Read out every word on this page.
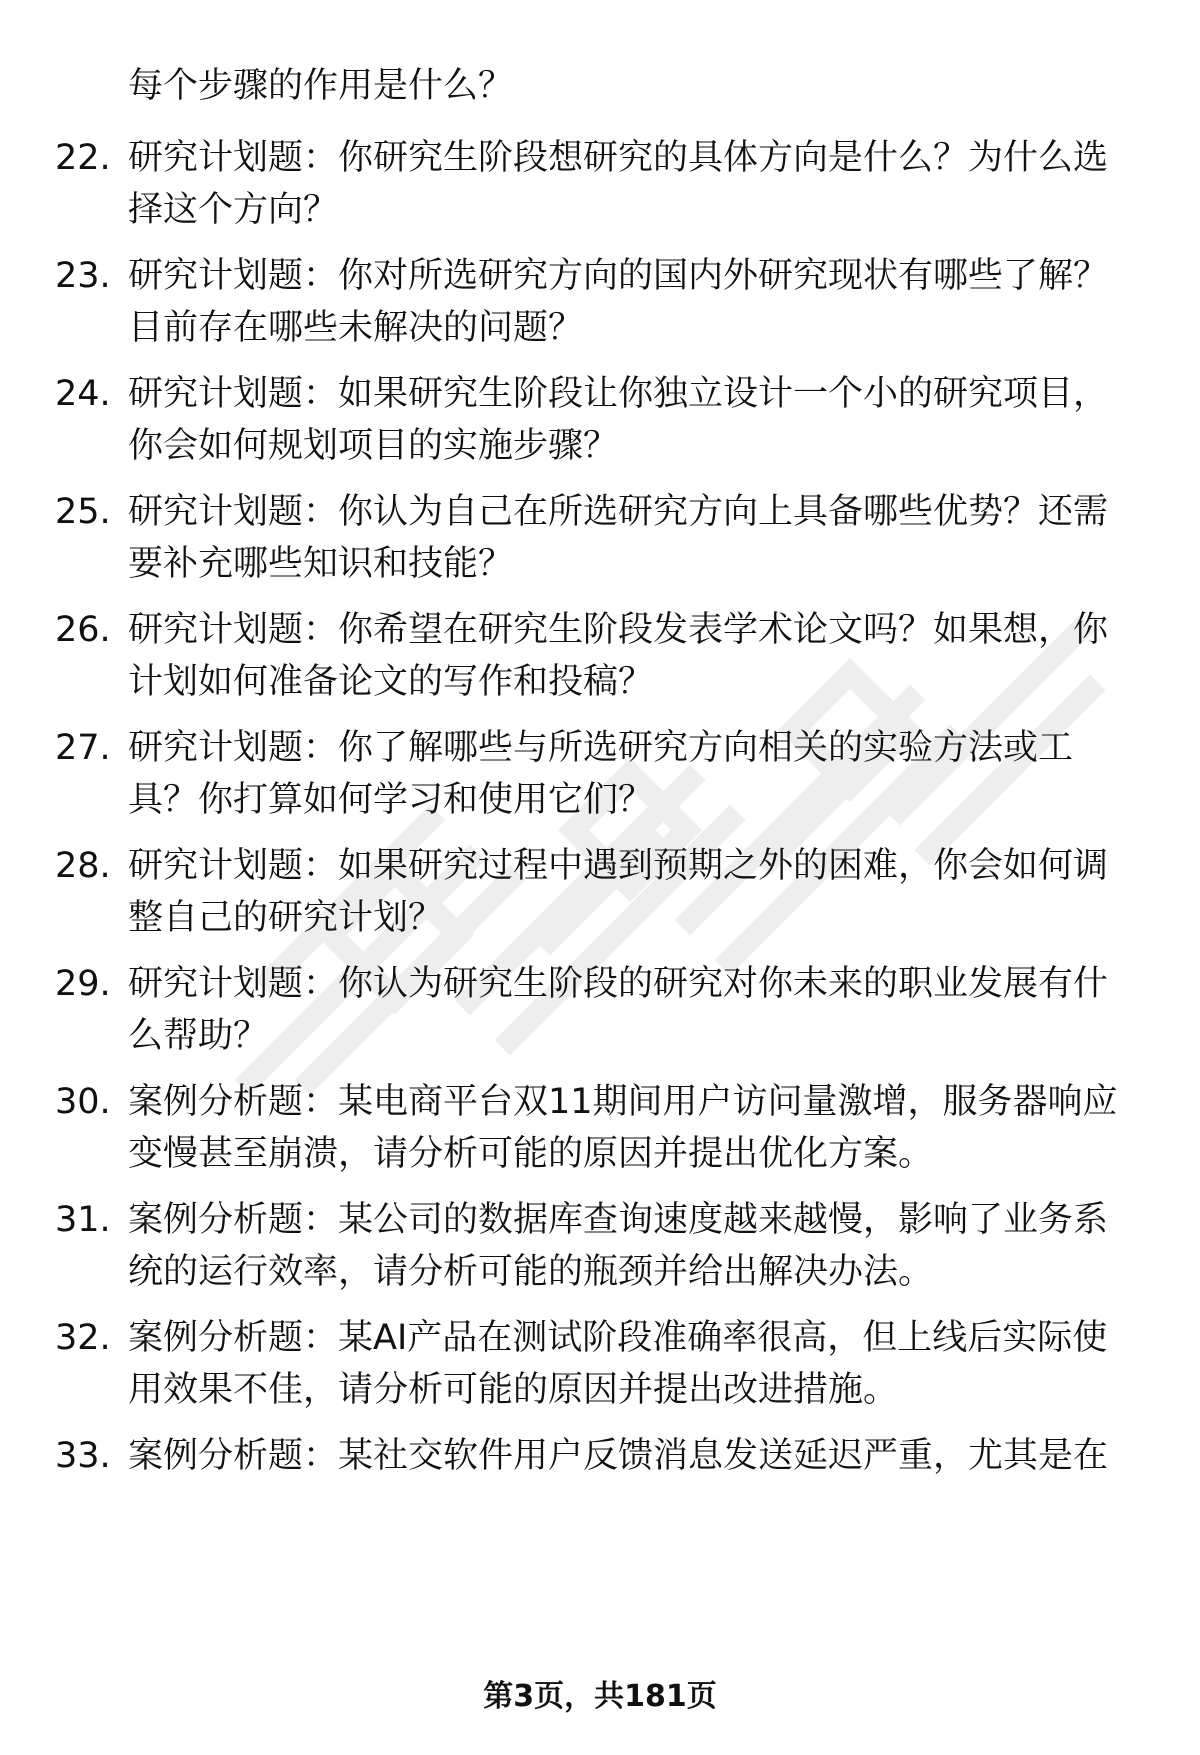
每个步骤的作用是什么？
22. 研究计划题：你研究生阶段想研究的具体方向是什么？为什么选
择这个方向？
23. 研究计划题：你对所选研究方向的国内外研究现状有哪些了解？
目前存在哪些未解决的问题？
24. 研究计划题：如果研究生阶段让你独立设计一个小的研究项目，
你会如何规划项目的实施步骤？
25. 研究计划题：你认为自己在所选研究方向上具备哪些优势？还需
要补充哪些知识和技能？
26. 研究计划题：你希望在研究生阶段发表学术论文吗？如果想，你
计划如何准备论文的写作和投稿？
27. 研究计划题：你了解哪些与所选研究方向相关的实验方法或工
具？你打算如何学习和使用它们？
28. 研究计划题：如果研究过程中遇到预期之外的困难，你会如何调
整自己的研究计划？
29. 研究计划题：你认为研究生阶段的研究对你未来的职业发展有什
么帮助？
30. 案例分析题：某电商平台双11期间用户访问量激增，服务器响应
变慢甚至崩溃，请分析可能的原因并提出优化方案。
31. 案例分析题：某公司的数据库查询速度越来越慢，影响了业务系
统的运行效率，请分析可能的瓶颈并给出解决办法。
32. 案例分析题：某AI产品在测试阶段准确率很高，但上线后实际使
用效果不佳，请分析可能的原因并提出改进措施。
33. 案例分析题：某社交软件用户反馈消息发送延迟严重，尤其是在
第3页，共181页
